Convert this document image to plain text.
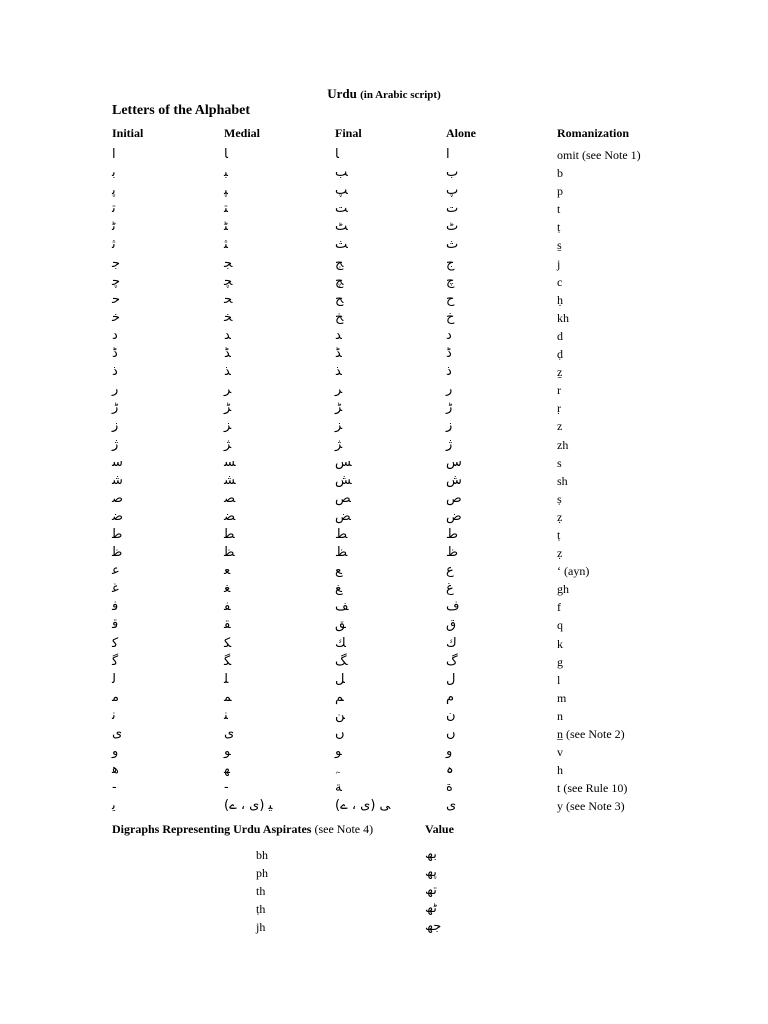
Urdu (in Arabic script)
Letters of the Alphabet
Initial	Medial	Final	Alone	Romanization
ا	ﺎ	ﺎ	ا	omit (see Note 1)
ﺑ	ﺒ	ﺐ	ب	b
ﭘ	ﭙ	ﭗ	پ	p
ﺗ	ﺘ	ﺖ	ت	t
ﭨ	ﭩ	ﭧ	ٹ	ṭ
ﺛ	ﺜ	ﺚ	ث	s̱
ﺟ	ﺠ	ﺞ	ج	j
ﭼ	ﭽ	ﭻ	چ	c
ﺣ	ﺤ	ﺢ	ح	ḥ
ﺧ	ﺨ	ﺦ	خ	kh
د	ﺪ	ﺪ	د	d
ڈ	ﮉ	ﮉ	ڈ	ḍ
ذ	ﺬ	ﺬ	ذ	ẕ
ر	ﺮ	ﺮ	ر	r
ڑ	ﮍ	ﮍ	ڑ	ṛ
ز	ﺰ	ﺰ	ز	z
ژ	ﮋ	ﮋ	ژ	zh
ﺳ	ﺴ	ﺲ	س	s
ﺷ	ﺸ	ﺶ	ش	sh
ﺻ	ﺼ	ﺺ	ص	ṣ
ﺿ	ﻀ	ﺾ	ض	ẓ
ﻃ	ﻄ	ﻂ	ط	ṭ
ﻇ	ﻈ	ﻆ	ظ	ẓ
ﻋ	ﻌ	ﻊ	ع	ʻ (ayn)
ﻏ	ﻐ	ﻎ	غ	gh
ﻓ	ﻔ	ﻒ	ف	f
ﻗ	ﻘ	ﻖ	ق	q
ﻛ	ﻜ	ﻚ	ك	k
ﮔ	ﮕ	ﮓ	گ	g
ﻟ	ﻠ	ﻞ	ل	l
ﻣ	ﻤ	ﻢ	م	m
ﻧ	ﻨ	ﻦ	ن	n
ى	ى	ں	ں	n̲ (see Note 2)
و	ﻮ	ﻮ	و	v
ﮬ	ﮭ	ﮧ	ہ	h
-	-	ﺔ	ة	t (see Rule 10)
ﻳ	ﻴ (ی ، ے)	ﻰ (ی ، ے)	ی	y (see Note 3)
Digraphs Representing Urdu Aspirates (see Note 4)	Value
bh	بھ
ph	پھ
th	تھ
ṭh	ٹھ
jh	جھ
